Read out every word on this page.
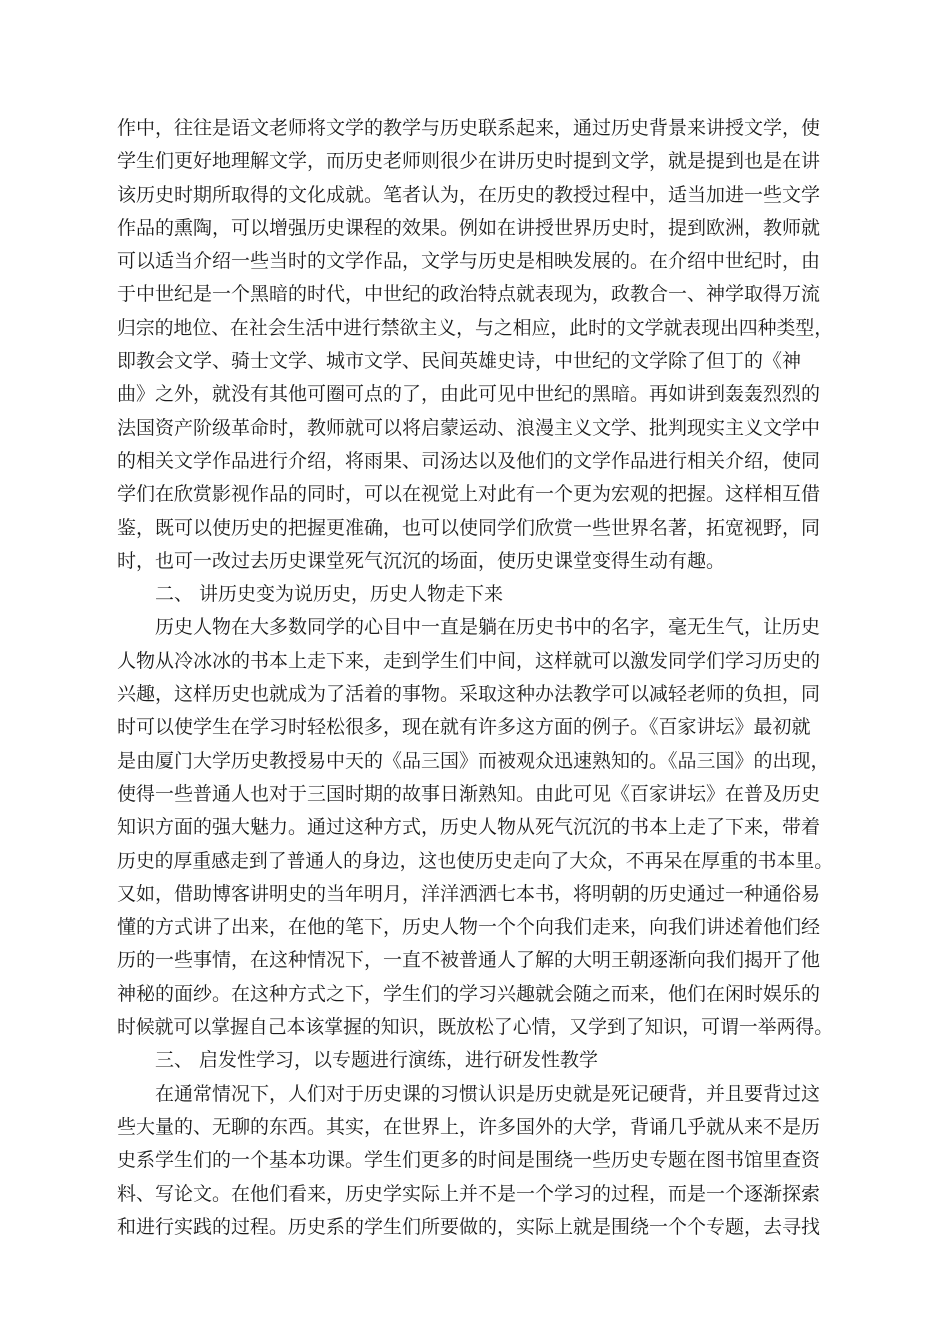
作中，往往是语文老师将文学的教学与历史联系起来，通过历史背景来讲授文学，使
学生们更好地理解文学，而历史老师则很少在讲历史时提到文学，就是提到也是在讲
该历史时期所取得的文化成就。笔者认为，在历史的教授过程中，适当加进一些文学
作品的熏陶，可以增强历史课程的效果。例如在讲授世界历史时，提到欧洲，教师就
可以适当介绍一些当时的文学作品，文学与历史是相映发展的。在介绍中世纪时，由
于中世纪是一个黑暗的时代，中世纪的政治特点就表现为，政教合一、神学取得万流
归宗的地位、在社会生活中进行禁欲主义，与之相应，此时的文学就表现出四种类型，
即教会文学、骑士文学、城市文学、民间英雄史诗，中世纪的文学除了但丁的《神
曲》之外，就没有其他可圈可点的了，由此可见中世纪的黑暗。再如讲到轰轰烈烈的
法国资产阶级革命时，教师就可以将启蒙运动、浪漫主义文学、批判现实主义文学中
的相关文学作品进行介绍，将雨果、司汤达以及他们的文学作品进行相关介绍，使同
学们在欣赏影视作品的同时，可以在视觉上对此有一个更为宏观的把握。这样相互借
鉴，既可以使历史的把握更准确，也可以使同学们欣赏一些世界名著，拓宽视野，同
时，也可一改过去历史课堂死气沉沉的场面，使历史课堂变得生动有趣。
二、 讲历史变为说历史，历史人物走下来
历史人物在大多数同学的心目中一直是躺在历史书中的名字，毫无生气，让历史
人物从冷冰冰的书本上走下来，走到学生们中间，这样就可以激发同学们学习历史的
兴趣，这样历史也就成为了活着的事物。采取这种办法教学可以减轻老师的负担，同
时可以使学生在学习时轻松很多，现在就有许多这方面的例子。《百家讲坛》最初就
是由厦门大学历史教授易中天的《品三国》而被观众迅速熟知的。《品三国》的出现，
使得一些普通人也对于三国时期的故事日渐熟知。由此可见《百家讲坛》在普及历史
知识方面的强大魅力。通过这种方式，历史人物从死气沉沉的书本上走了下来，带着
历史的厚重感走到了普通人的身边，这也使历史走向了大众，不再呆在厚重的书本里。
又如，借助博客讲明史的当年明月，洋洋洒洒七本书，将明朝的历史通过一种通俗易
懂的方式讲了出来，在他的笔下，历史人物一个个向我们走来，向我们讲述着他们经
历的一些事情，在这种情况下，一直不被普通人了解的大明王朝逐渐向我们揭开了他
神秘的面纱。在这种方式之下，学生们的学习兴趣就会随之而来，他们在闲时娱乐的
时候就可以掌握自己本该掌握的知识，既放松了心情，又学到了知识，可谓一举两得。
三、 启发性学习，以专题进行演练，进行研发性教学
在通常情况下，人们对于历史课的习惯认识是历史就是死记硬背，并且要背过这
些大量的、无聊的东西。其实，在世界上，许多国外的大学，背诵几乎就从来不是历
史系学生们的一个基本功课。学生们更多的时间是围绕一些历史专题在图书馆里查资
料、写论文。在他们看来，历史学实际上并不是一个学习的过程，而是一个逐渐探索
和进行实践的过程。历史系的学生们所要做的，实际上就是围绕一个个专题，去寻找
